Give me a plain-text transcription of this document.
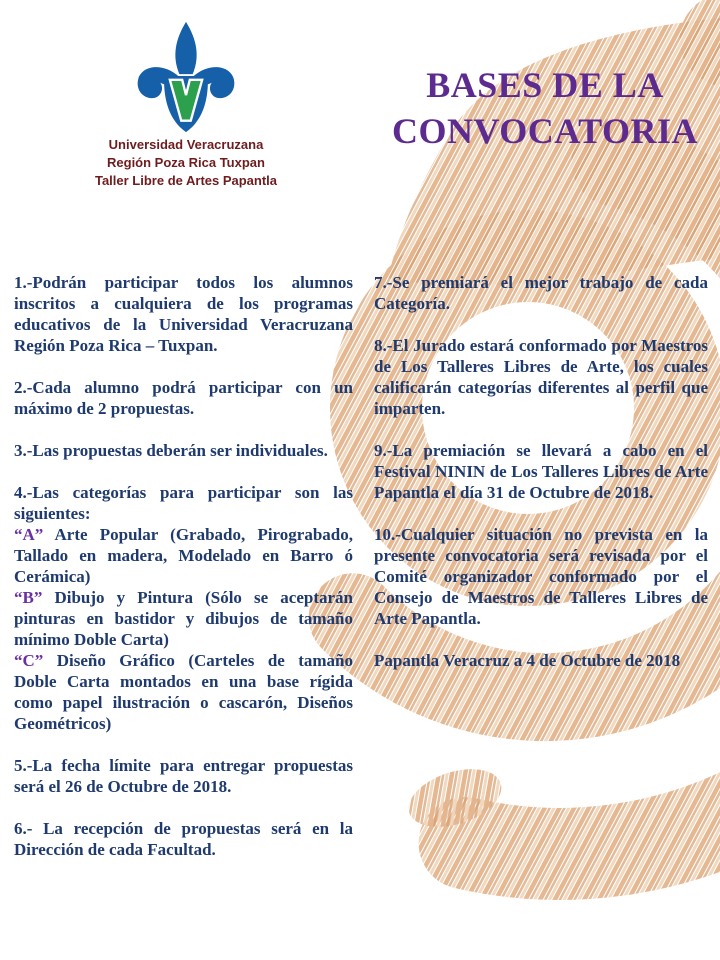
Universidad Veracruzana
Región Poza Rica Tuxpan
Taller Libre de Artes Papantla
BASES DE LA
CONVOCATORIA

1.-Podrán participar todos los alumnos inscritos a cualquiera de los programas educativos de la Universidad Veracruzana Región Poza Rica – Tuxpan.

2.-Cada alumno podrá participar con un máximo de 2 propuestas.

3.-Las propuestas deberán ser individuales.

4.-Las categorías para participar son las siguientes:

“A” Arte Popular (Grabado, Pirograbado, Tallado en madera, Modelado en Barro ó Cerámica)

“B” Dibujo y Pintura (Sólo se aceptarán pinturas en bastidor y dibujos de tamaño mínimo Doble Carta)

“C” Diseño Gráfico (Carteles de tamaño Doble Carta montados en una base rígida como papel ilustración o cascarón, Diseños Geométricos)

5.-La fecha límite para entregar propuestas será el 26 de Octubre de 2018.

6.- La recepción de propuestas será en la Dirección de cada Facultad.

7.-Se premiará el mejor trabajo de cada Categoría.

8.-El Jurado estará conformado por Maestros de Los Talleres Libres de Arte, los cuales calificarán categorías diferentes al perfil que imparten.

9.-La premiación se llevará a cabo en el Festival NININ de Los Talleres Libres de Arte Papantla el día 31 de Octubre de 2018.

10.-Cualquier situación no prevista en la presente convocatoria será revisada por el Comité organizador conformado por el Consejo de Maestros de Talleres Libres de Arte Papantla.

Papantla Veracruz a 4 de Octubre de 2018
